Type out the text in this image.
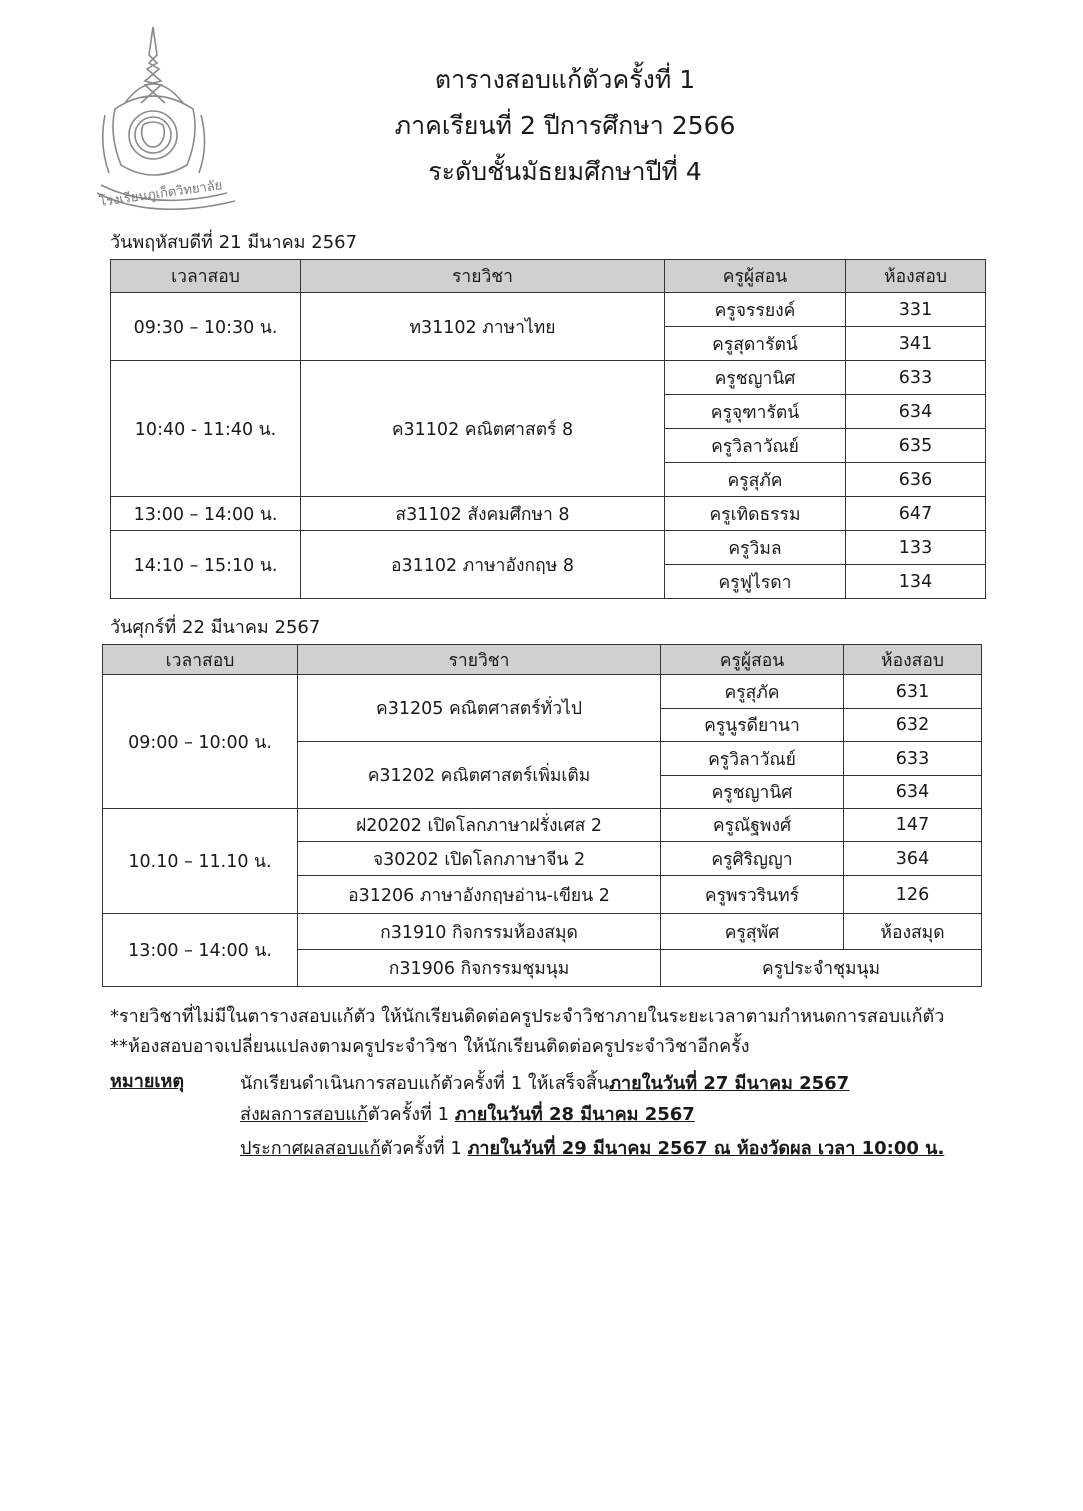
โรงเรียนภูเก็ตวิทยาลัย
ตารางสอบแก้ตัวครั้งที่ 1
ภาคเรียนที่ 2 ปีการศึกษา 2566
ระดับชั้นมัธยมศึกษาปีที่ 4
วันพฤหัสบดีที่ 21 มีนาคม 2567
เวลาสอบ	รายวิชา	ครูผู้สอน	ห้องสอบ
09:30 – 10:30 น.	ท31102 ภาษาไทย	ครูจรรยงค์	331
		ครูสุดารัตน์	341
10:40 - 11:40 น.	ค31102 คณิตศาสตร์ 8	ครูชญานิศ	633
		ครูจุฑารัตน์	634
		ครูวิลาวัณย์	635
		ครูสุภัค	636
13:00 – 14:00 น.	ส31102 สังคมศึกษา 8	ครูเทิดธรรม	647
14:10 – 15:10 น.	อ31102 ภาษาอังกฤษ 8	ครูวิมล	133
		ครูฟูไรดา	134
วันศุกร์ที่ 22 มีนาคม 2567
เวลาสอบ	รายวิชา	ครูผู้สอน	ห้องสอบ
09:00 – 10:00 น.	ค31205 คณิตศาสตร์ทั่วไป	ครูสุภัค	631
		ครูนูรดียานา	632
	ค31202 คณิตศาสตร์เพิ่มเติม	ครูวิลาวัณย์	633
		ครูชญานิศ	634
10.10 – 11.10 น.	ฝ20202 เปิดโลกภาษาฝรั่งเศส 2	ครูณัฐพงศ์	147
	จ30202 เปิดโลกภาษาจีน 2	ครูศิริญญา	364
	อ31206 ภาษาอังกฤษอ่าน-เขียน 2	ครูพรวรินทร์	126
13:00 – 14:00 น.	ก31910 กิจกรรมห้องสมุด	ครูสุพัศ	ห้องสมุด
	ก31906 กิจกรรมชุมนุม	ครูประจำชุมนุม	
*รายวิชาที่ไม่มีในตารางสอบแก้ตัว ให้นักเรียนติดต่อครูประจำวิชาภายในระยะเวลาตามกำหนดการสอบแก้ตัว
**ห้องสอบอาจเปลี่ยนแปลงตามครูประจำวิชา ให้นักเรียนติดต่อครูประจำวิชาอีกครั้ง
หมายเหตุ	นักเรียนดำเนินการสอบแก้ตัวครั้งที่ 1 ให้เสร็จสิ้นภายในวันที่ 27 มีนาคม 2567
ส่งผลการสอบแก้ตัวครั้งที่ 1 ภายในวันที่ 28 มีนาคม 2567
ประกาศผลสอบแก้ตัวครั้งที่ 1 ภายในวันที่ 29 มีนาคม 2567 ณ ห้องวัดผล เวลา 10:00 น.
